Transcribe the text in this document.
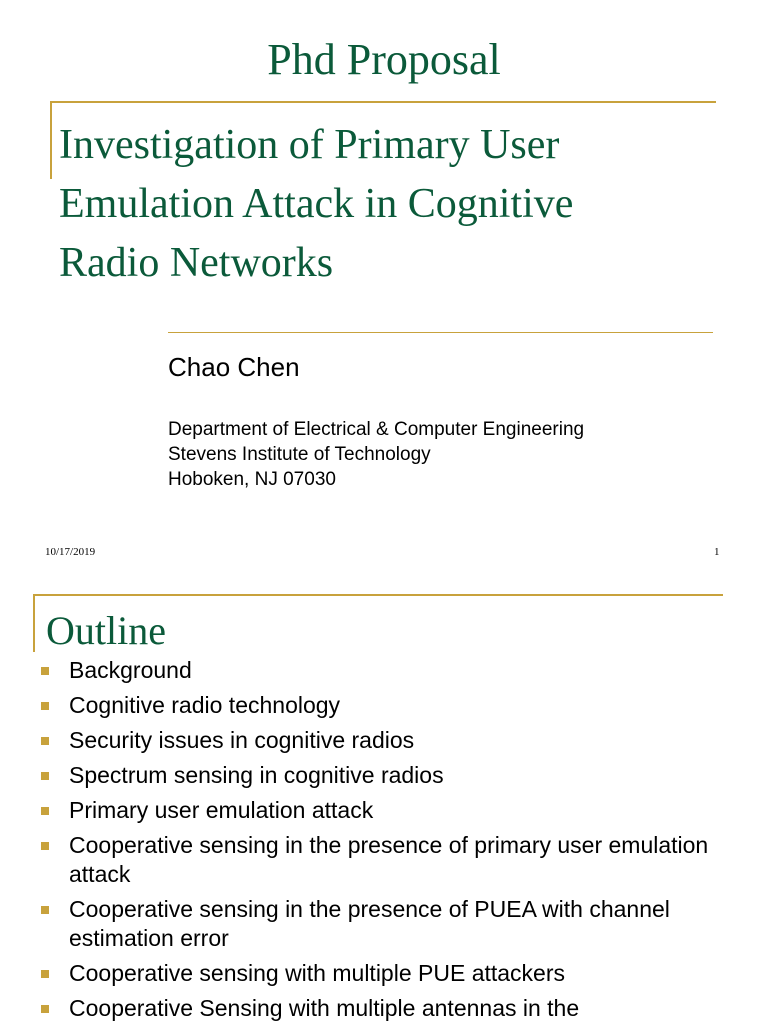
Phd Proposal
Investigation of Primary User
Emulation Attack in Cognitive
Radio Networks

Chao Chen

Department of Electrical & Computer Engineering
Stevens Institute of Technology
Hoboken, NJ 07030
10/17/2019	1
Outline
Background
Cognitive radio technology
Security issues in cognitive radios
Spectrum sensing in cognitive radios
Primary user emulation attack
Cooperative sensing in the presence of primary user emulation attack
Cooperative sensing in the presence of PUEA with channel estimation error
Cooperative sensing with multiple PUE attackers
Cooperative Sensing with multiple antennas in the
